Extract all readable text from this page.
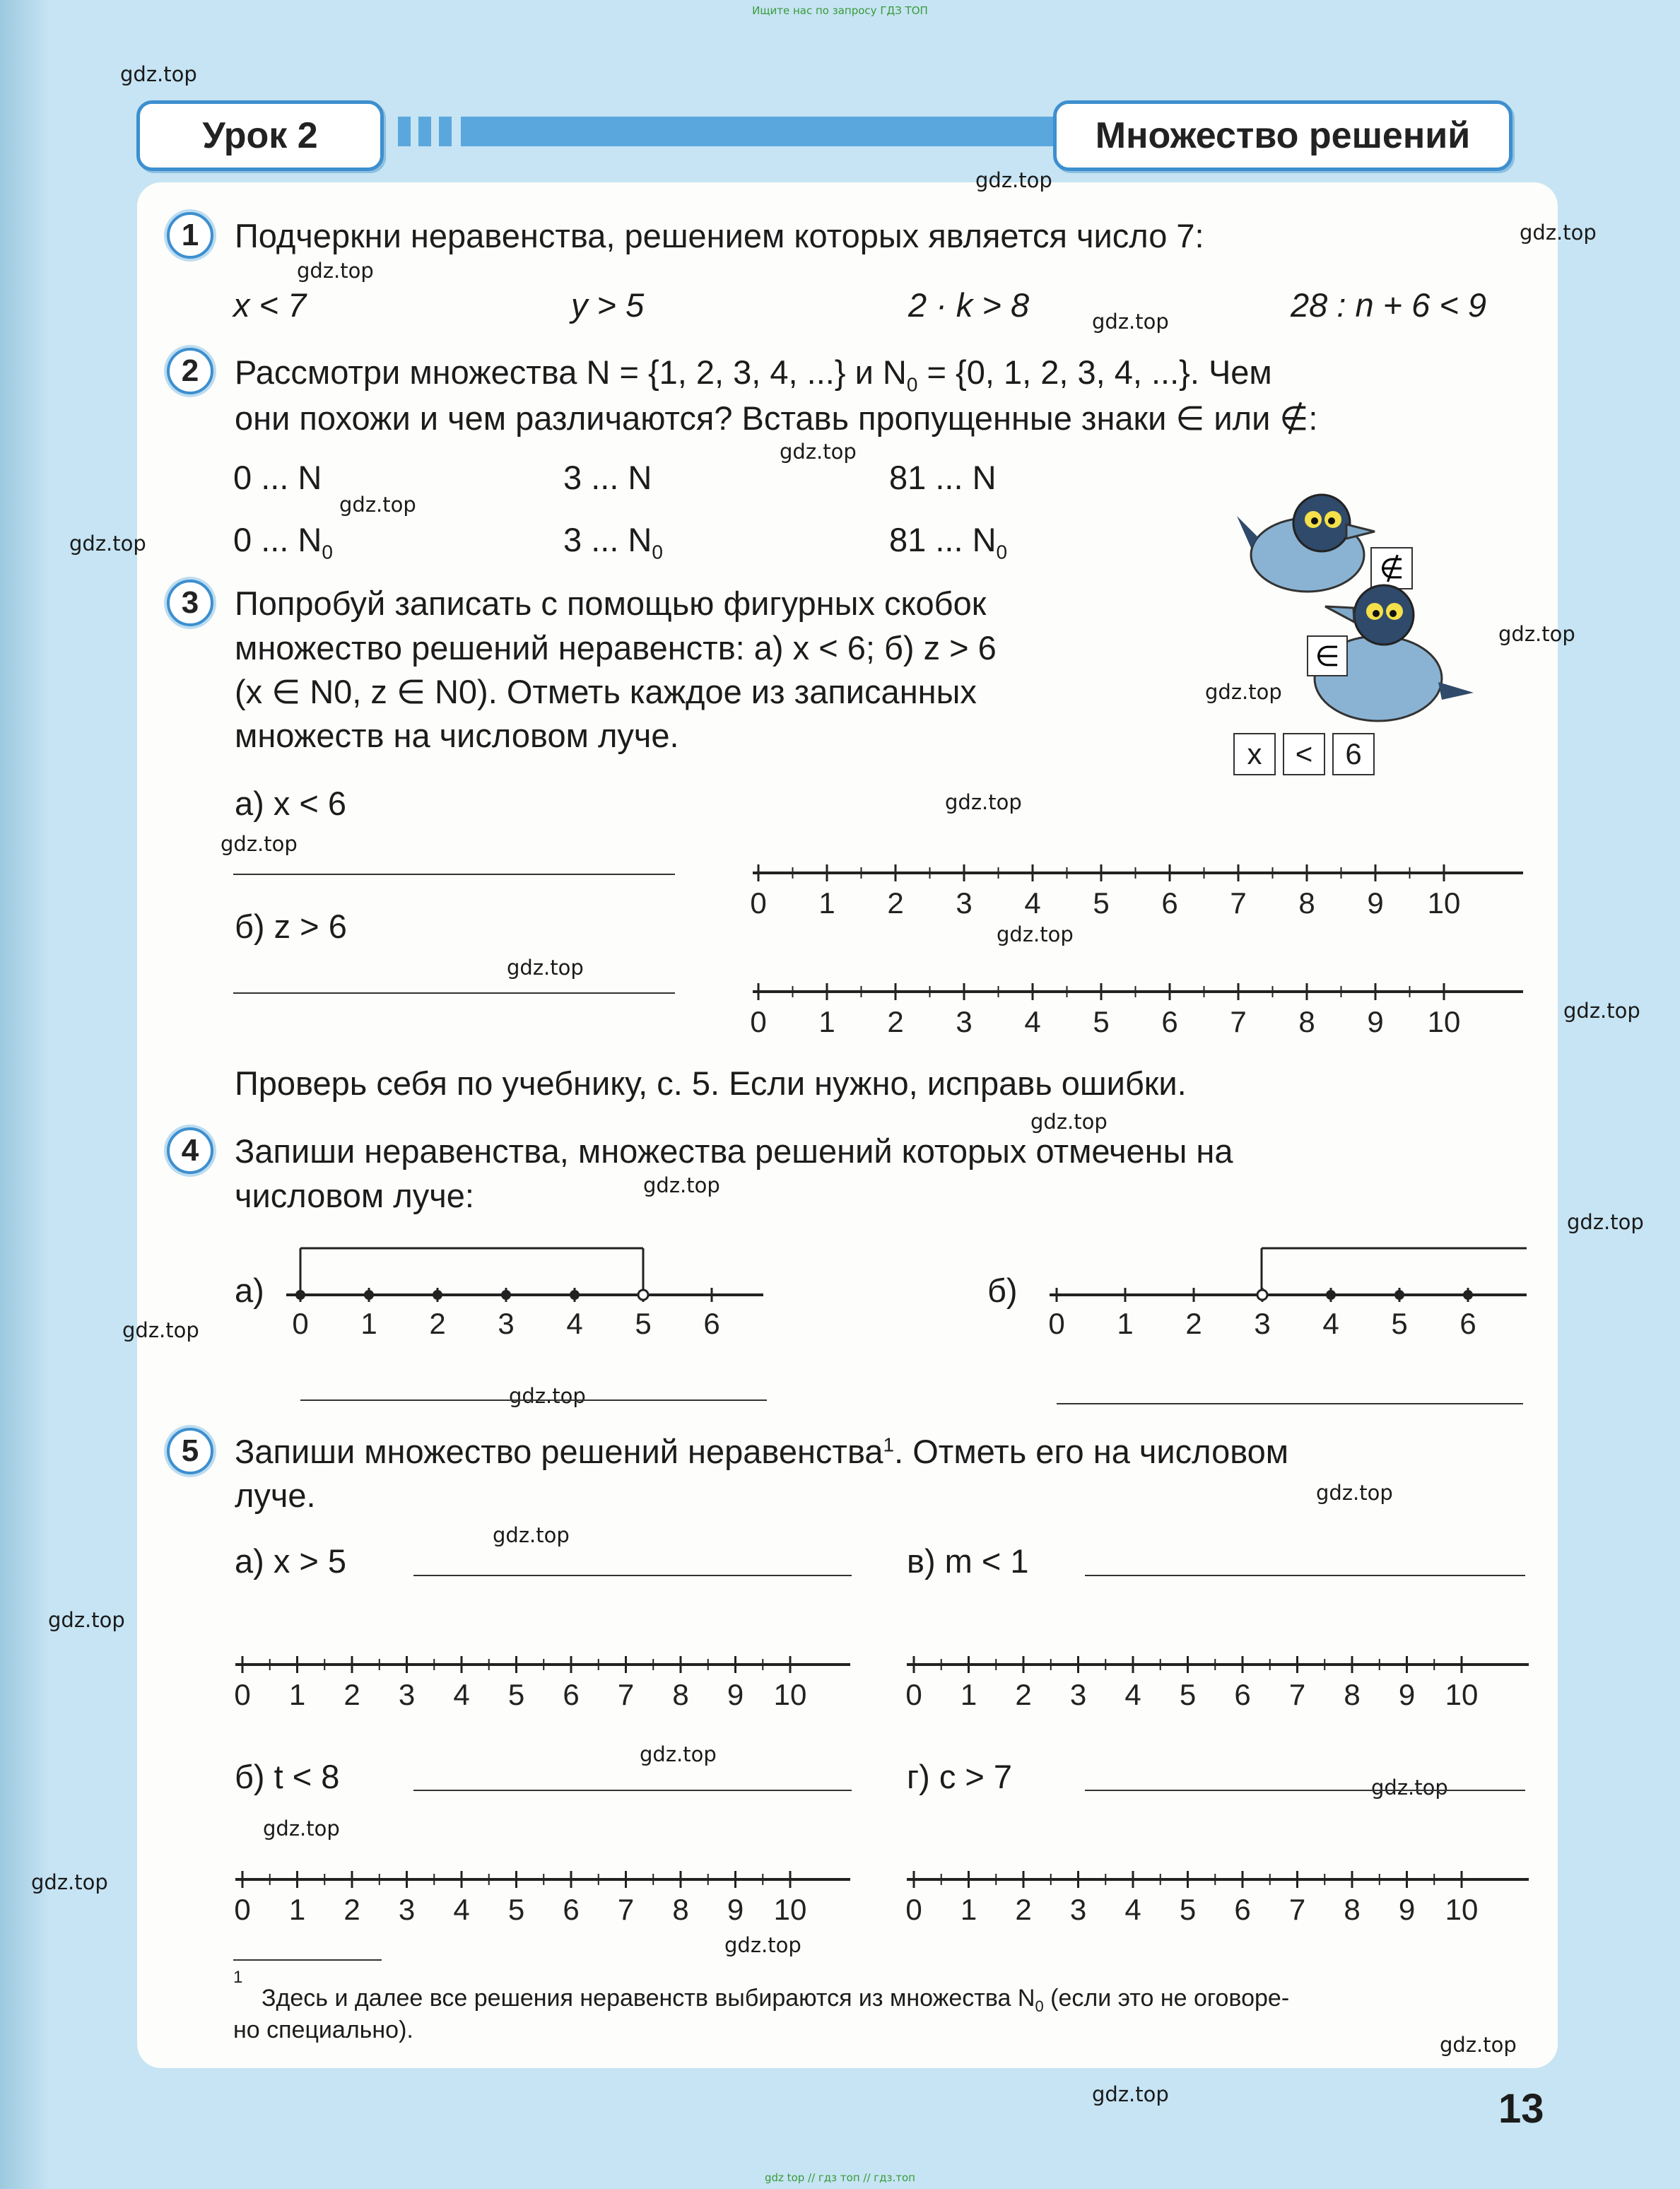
Ищите нас по запросу ГДЗ ТОП
Урок 2	Множество решений
gdz.top
gdz.top
gdz.top
gdz.top
gdz.top
gdz.top
gdz.top
gdz.top
gdz.top
gdz.top
gdz.top
gdz.top
gdz.top
gdz.top
gdz.top
gdz.top
gdz.top
gdz.top
gdz.top
gdz.top
gdz.top
gdz.top
gdz.top
gdz.top
gdz.top
gdz.top
gdz.top
gdz.top
gdz.top
gdz.top
1	Подчеркни неравенства, решением которых является число 7:
x < 7	y > 5	2 · k > 8	28 : n + 6 < 9
2	Рассмотри множества N = {1, 2, 3, 4, ...} и $N_0 = \{0$, 1, 2, 3, 4, ...}. Чем
они похожи и чем различаются? Вставь пропущенные знаки ∈ или ∉:
0 ... N	3 ... N	81 ... N
0 ... $N_0$	3 ... $N_0$	81 ... $N_0$
∉
∈
x	<	6
3	Попробуй записать с помощью фигурных скобок
множество решений неравенств: а) x < 6; б) z > 6
(x ∈ N0, z ∈ N0). Отметь каждое из записанных
множеств на числовом луче.
а) x < 6
б) z > 6
0 1 2 3 4 5 6 7 8 9 10
0 1 2 3 4 5 6 7 8 9 10
Проверь себя по учебнику, с. 5. Если нужно, исправь ошибки.
4	Запиши неравенства, множества решений которых отмечены на
числовом луче:
а)	б)
0 1 2 3 4 5 6	0 1 2 3 4 5 6
5	Запиши множество решений неравенства$^1$. Отметь его на числовом
луче.
а) x > 5	в) m < 1
0 1 2 3 4 5 6 7 8 9 10	0 1 2 3 4 5 6 7 8 9 10
б) t < 8	г) c > 7
0 1 2 3 4 5 6 7 8 9 10	0 1 2 3 4 5 6 7 8 9 10
1
Здесь и далее все решения неравенств выбираются из множества $N_0$ (если это не оговоре-
но специально).
13
gdz top // гдз топ // гдз.топ
